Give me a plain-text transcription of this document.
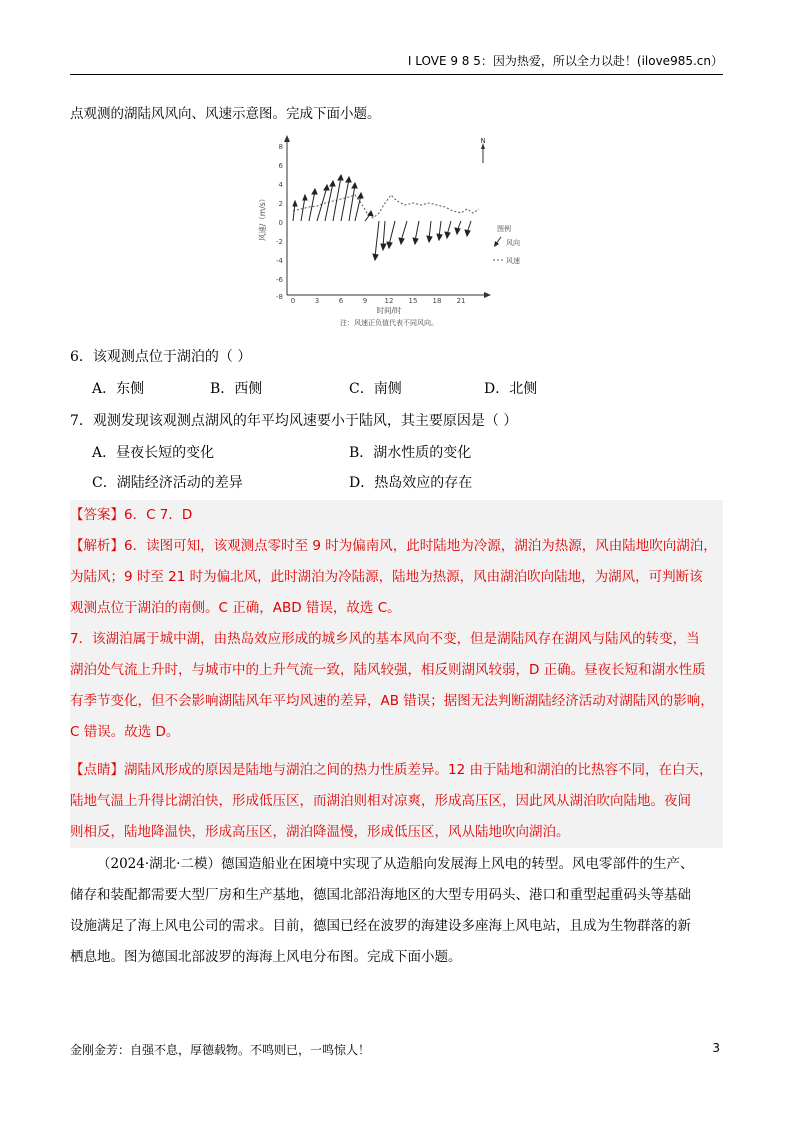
I LOVE 9 8 5：因为热爱，所以全力以赴！(ilove985.cn）
点观测的湖陆风风向、风速示意图。完成下面小题。
8
6
4
2
0
-2
-4
-6
-8 0	3	6	9 12 15 18 21
时间/时
风速/（m/s）
注：风速正负值代表不同风向。
N
图例
风向
风速
6．该观测点位于湖泊的（ ）
A．东侧	B．西侧	C．南侧	D．北侧
7．观测发现该观测点湖风的年平均风速要小于陆风，其主要原因是（ ）
A．昼夜长短的变化	B．湖水性质的变化
C．湖陆经济活动的差异	D．热岛效应的存在
【答案】6．C 7．D
【解析】6．读图可知，该观测点零时至 9 时为偏南风，此时陆地为冷源，湖泊为热源，风由陆地吹向湖泊，
为陆风；9 时至 21 时为偏北风，此时湖泊为冷陆源，陆地为热源，风由湖泊吹向陆地，为湖风，可判断该
观测点位于湖泊的南侧。C 正确，ABD 错误，故选 C。
7．该湖泊属于城中湖，由热岛效应形成的城乡风的基本风向不变，但是湖陆风存在湖风与陆风的转变，当
湖泊处气流上升时，与城市中的上升气流一致，陆风较强，相反则湖风较弱，D 正确。昼夜长短和湖水性质
有季节变化，但不会影响湖陆风年平均风速的差异，AB 错误；据图无法判断湖陆经济活动对湖陆风的影响，
C 错误。故选 D。
【点睛】湖陆风形成的原因是陆地与湖泊之间的热力性质差异。12 由于陆地和湖泊的比热容不同，在白天，
陆地气温上升得比湖泊快，形成低压区，而湖泊则相对凉爽，形成高压区，因此风从湖泊吹向陆地。夜间
则相反，陆地降温快，形成高压区，湖泊降温慢，形成低压区，风从陆地吹向湖泊。
（2024·湖北·二模）德国造船业在困境中实现了从造船向发展海上风电的转型。风电零部件的生产、
储存和装配都需要大型厂房和生产基地，德国北部沿海地区的大型专用码头、港口和重型起重码头等基础
设施满足了海上风电公司的需求。目前，德国已经在波罗的海建设多座海上风电站，且成为生物群落的新
栖息地。图为德国北部波罗的海海上风电分布图。完成下面小题。
金刚金芳：自强不息，厚德载物。不鸣则已，一鸣惊人！	3
